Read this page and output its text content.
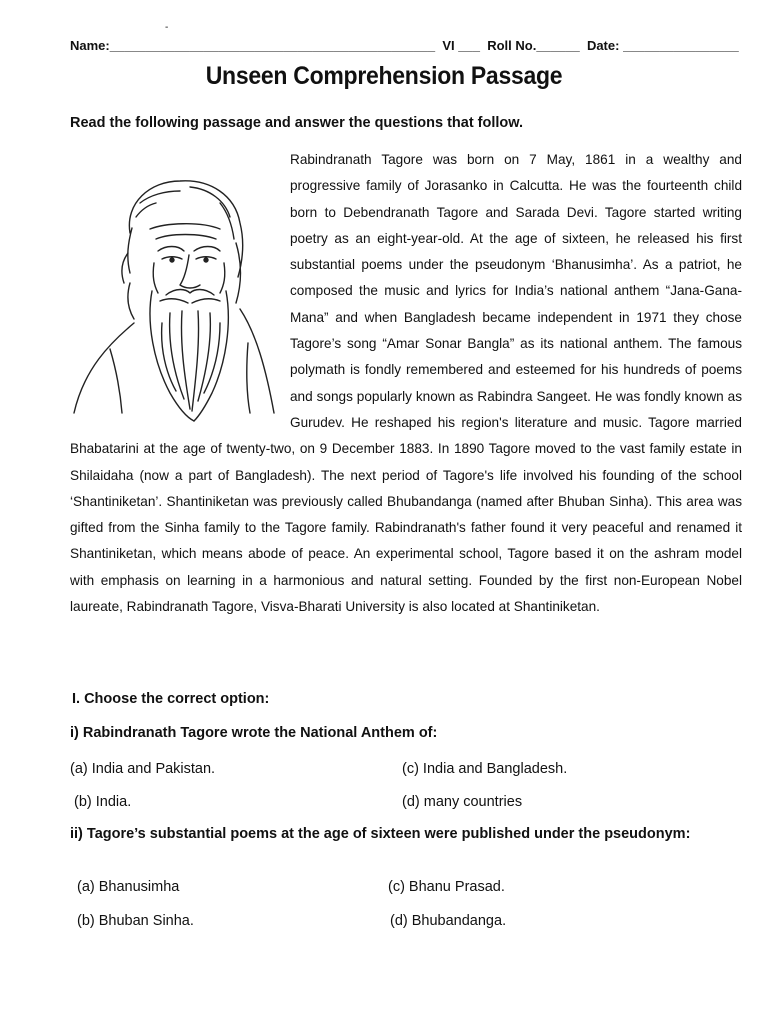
-
Name:_____________________________________________ VI ___ Roll No.______ Date: ________________
Unseen Comprehension Passage
Read the following passage and answer the questions that follow.
Rabindranath Tagore was born on 7 May, 1861 in a wealthy and progressive family of Jorasanko in Calcutta. He was the fourteenth child born to Debendranath Tagore and Sarada Devi. Tagore started writing poetry as an eight-year-old. At the age of sixteen, he released his first substantial poems under the pseudonym ‘Bhanusimha’. As a patriot, he composed the music and lyrics for India’s national anthem “Jana-Gana-Mana” and when Bangladesh became independent in 1971 they chose Tagore’s song “Amar Sonar Bangla” as its national anthem. The famous polymath is fondly remembered and esteemed for his hundreds of poems and songs popularly known as Rabindra Sangeet. He was fondly known as Gurudev. He reshaped his region's literature and music. Tagore married Bhabatarini at the age of twenty-two, on 9 December 1883. In 1890 Tagore moved to the vast family estate in Shilaidaha (now a part of Bangladesh). The next period of Tagore's life involved his founding of the school ‘Shantiniketan’. Shantiniketan was previously called Bhubandanga (named after Bhuban Sinha). This area was gifted from the Sinha family to the Tagore family. Rabindranath's father found it very peaceful and renamed it Shantiniketan, which means abode of peace. An experimental school, Tagore based it on the ashram model with emphasis on learning in a harmonious and natural setting. Founded by the first non-European Nobel laureate, Rabindranath Tagore, Visva-Bharati University is also located at Shantiniketan.
I. Choose the correct option:
i) Rabindranath Tagore wrote the National Anthem of:
(a) India and Pakistan.	(c) India and Bangladesh.
(b) India.	(d) many countries
ii) Tagore’s substantial poems at the age of sixteen were published under the pseudonym:
(a) Bhanusimha	(c) Bhanu Prasad.
(b) Bhuban Sinha.	(d) Bhubandanga.
